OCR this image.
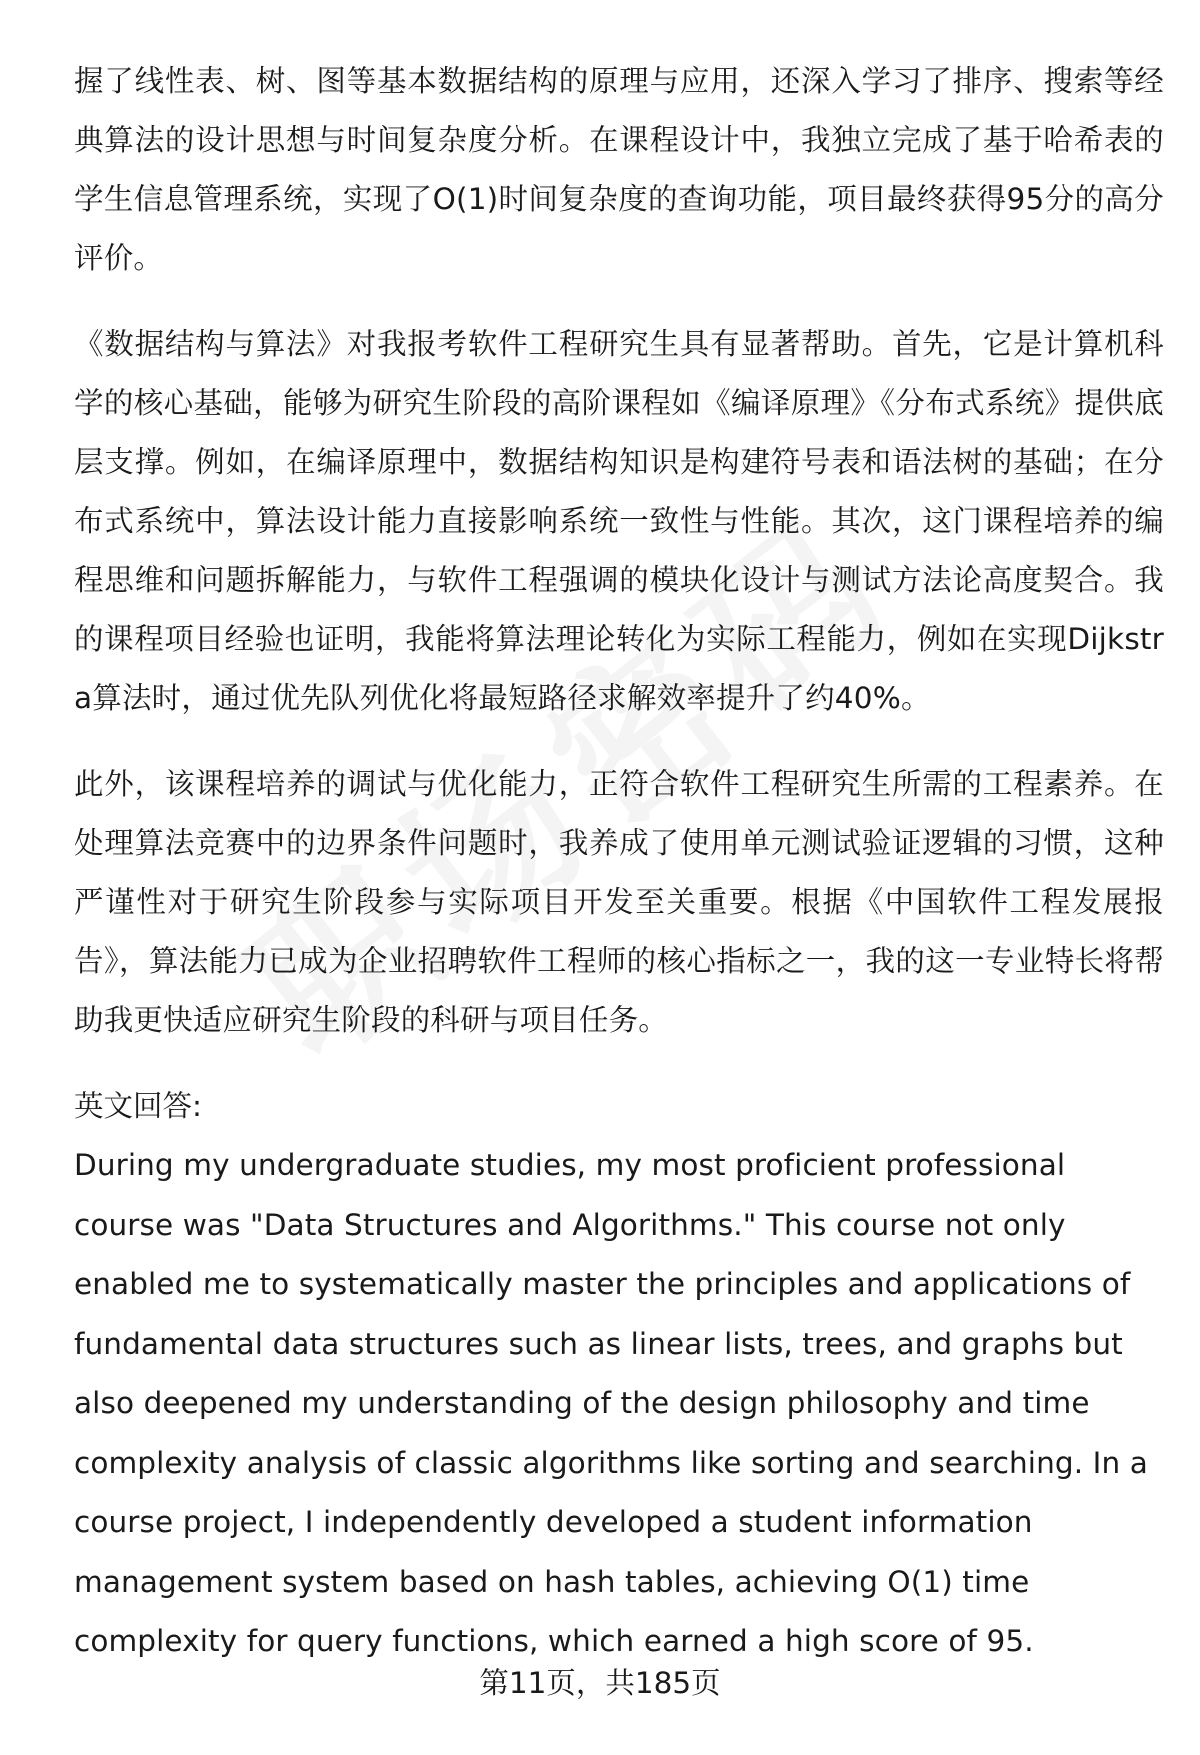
握了线性表、树、图等基本数据结构的原理与应用，还深入学习了排序、搜索等经典算法的设计思想与时间复杂度分析。在课程设计中，我独立完成了基于哈希表的学生信息管理系统，实现了O(1)时间复杂度的查询功能，项目最终获得95分的高分评价。

《数据结构与算法》对我报考软件工程研究生具有显著帮助。首先，它是计算机科学的核心基础，能够为研究生阶段的高阶课程如《编译原理》《分布式系统》提供底层支撑。例如，在编译原理中，数据结构知识是构建符号表和语法树的基础；在分布式系统中，算法设计能力直接影响系统一致性与性能。其次，这门课程培养的编程思维和问题拆解能力，与软件工程强调的模块化设计与测试方法论高度契合。我的课程项目经验也证明，我能将算法理论转化为实际工程能力，例如在实现Dijkstra算法时，通过优先队列优化将最短路径求解效率提升了约40%。

此外，该课程培养的调试与优化能力，正符合软件工程研究生所需的工程素养。在处理算法竞赛中的边界条件问题时，我养成了使用单元测试验证逻辑的习惯，这种严谨性对于研究生阶段参与实际项目开发至关重要。根据《中国软件工程发展报告》，算法能力已成为企业招聘软件工程师的核心指标之一，我的这一专业特长将帮助我更快适应研究生阶段的科研与项目任务。

英文回答:

During my undergraduate studies, my most proficient professional course was "Data Structures and Algorithms." This course not only enabled me to systematically master the principles and applications of fundamental data structures such as linear lists, trees, and graphs but also deepened my understanding of the design philosophy and time complexity analysis of classic algorithms like sorting and searching. In a course project, I independently developed a student information management system based on hash tables, achieving O(1) time complexity for query functions, which earned a high score of 95.

第11页，共185页
